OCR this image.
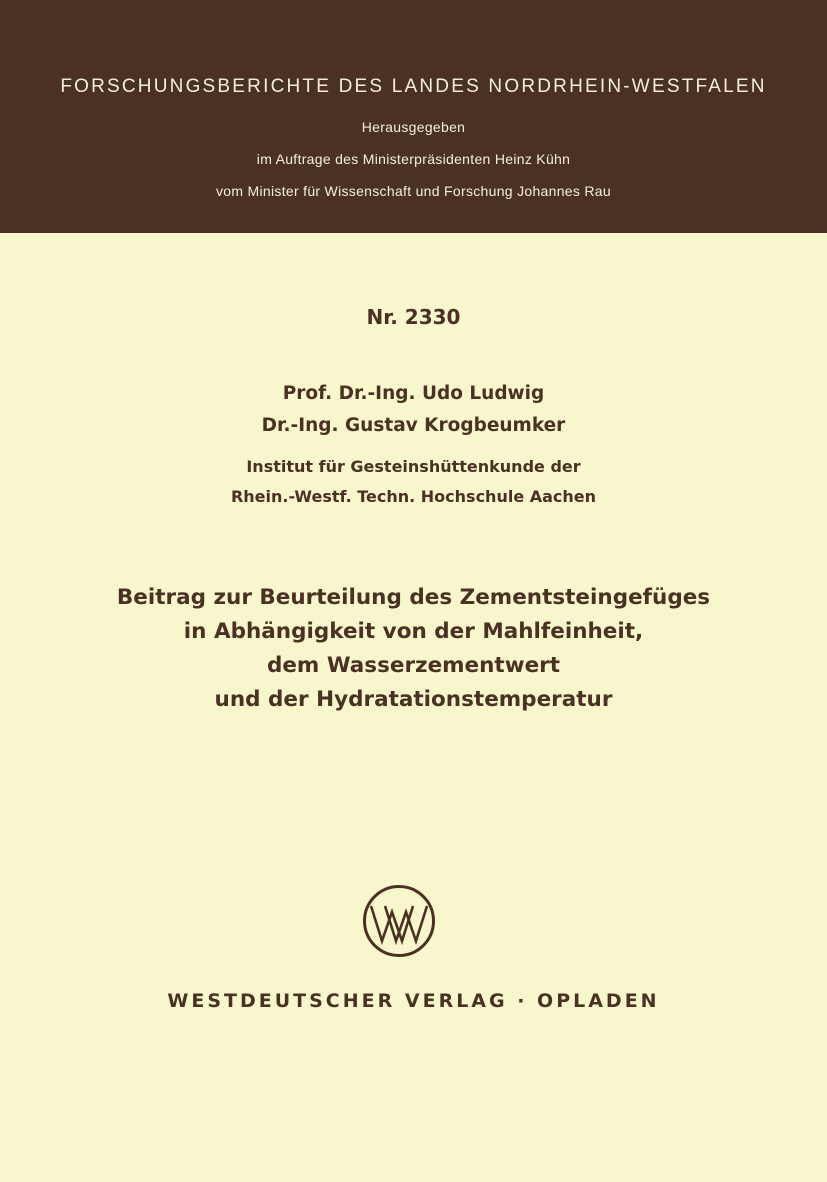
FORSCHUNGSBERICHTE DES LANDES NORDRHEIN-WESTFALEN
Herausgegeben
im Auftrage des Ministerpräsidenten Heinz Kühn
vom Minister für Wissenschaft und Forschung Johannes Rau
Nr. 2330
Prof. Dr.-Ing. Udo Ludwig
Dr.-Ing. Gustav Krogbeumker
Institut für Gesteinshüttenkunde der
Rhein.-Westf. Techn. Hochschule Aachen
Beitrag zur Beurteilung des Zementsteingefüges
in Abhängigkeit von der Mahlfeinheit,
dem Wasserzementwert
und der Hydratationstemperatur
WESTDEUTSCHER VERLAG · OPLADEN
